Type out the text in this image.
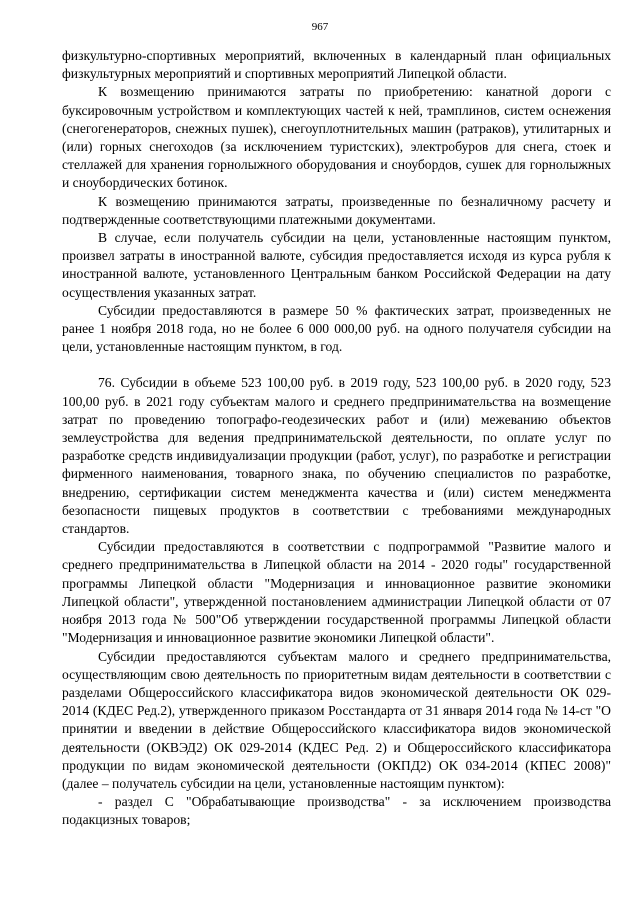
967

физкультурно-спортивных мероприятий, включенных в календарный план официальных физкультурных мероприятий и спортивных мероприятий Липецкой области.

К возмещению принимаются затраты по приобретению: канатной дороги с буксировочным устройством и комплектующих частей к ней, трамплинов, систем оснежения (снегогенераторов, снежных пушек), снегоуплотнительных машин (ратраков), утилитарных и (или) горных снегоходов (за исключением туристских), электробуров для снега, стоек и стеллажей для хранения горнолыжного оборудования и сноубордов, сушек для горнолыжных и сноубордических ботинок.

К возмещению принимаются затраты, произведенные по безналичному расчету и подтвержденные соответствующими платежными документами.

В случае, если получатель субсидии на цели, установленные настоящим пунктом, произвел затраты в иностранной валюте, субсидия предоставляется исходя из курса рубля к иностранной валюте, установленного Центральным банком Российской Федерации на дату осуществления указанных затрат.

Субсидии предоставляются в размере 50 % фактических затрат, произведенных не ранее 1 ноября 2018 года, но не более 6 000 000,00 руб. на одного получателя субсидии на цели, установленные настоящим пунктом, в год.

76. Субсидии в объеме 523 100,00 руб. в 2019 году, 523 100,00 руб. в 2020 году, 523 100,00 руб. в 2021 году субъектам малого и среднего предпринимательства на возмещение затрат по проведению топографо-геодезических работ и (или) межеванию объектов землеустройства для ведения предпринимательской деятельности, по оплате услуг по разработке средств индивидуализации продукции (работ, услуг), по разработке и регистрации фирменного наименования, товарного знака, по обучению специалистов по разработке, внедрению, сертификации систем менеджмента качества и (или) систем менеджмента безопасности пищевых продуктов в соответствии с требованиями международных стандартов.

Субсидии предоставляются в соответствии с подпрограммой "Развитие малого и среднего предпринимательства в Липецкой области на 2014 - 2020 годы" государственной программы Липецкой области "Модернизация и инновационное развитие экономики Липецкой области", утвержденной постановлением администрации Липецкой области от 07 ноября 2013 года № 500"Об утверждении государственной программы Липецкой области "Модернизация и инновационное развитие экономики Липецкой области".

Субсидии предоставляются субъектам малого и среднего предпринимательства, осуществляющим свою деятельность по приоритетным видам деятельности в соответствии с разделами Общероссийского классификатора видов экономической деятельности ОК 029-2014 (КДЕС Ред.2), утвержденного приказом Росстандарта от 31 января 2014 года № 14-ст "О принятии и введении в действие Общероссийского классификатора видов экономической деятельности (ОКВЭД2) ОК 029-2014 (КДЕС Ред. 2) и Общероссийского классификатора продукции по видам экономической деятельности (ОКПД2) ОК 034-2014 (КПЕС 2008)" (далее – получатель субсидии на цели, установленные настоящим пунктом):

- раздел C "Обрабатывающие производства" - за исключением производства подакцизных товаров;
